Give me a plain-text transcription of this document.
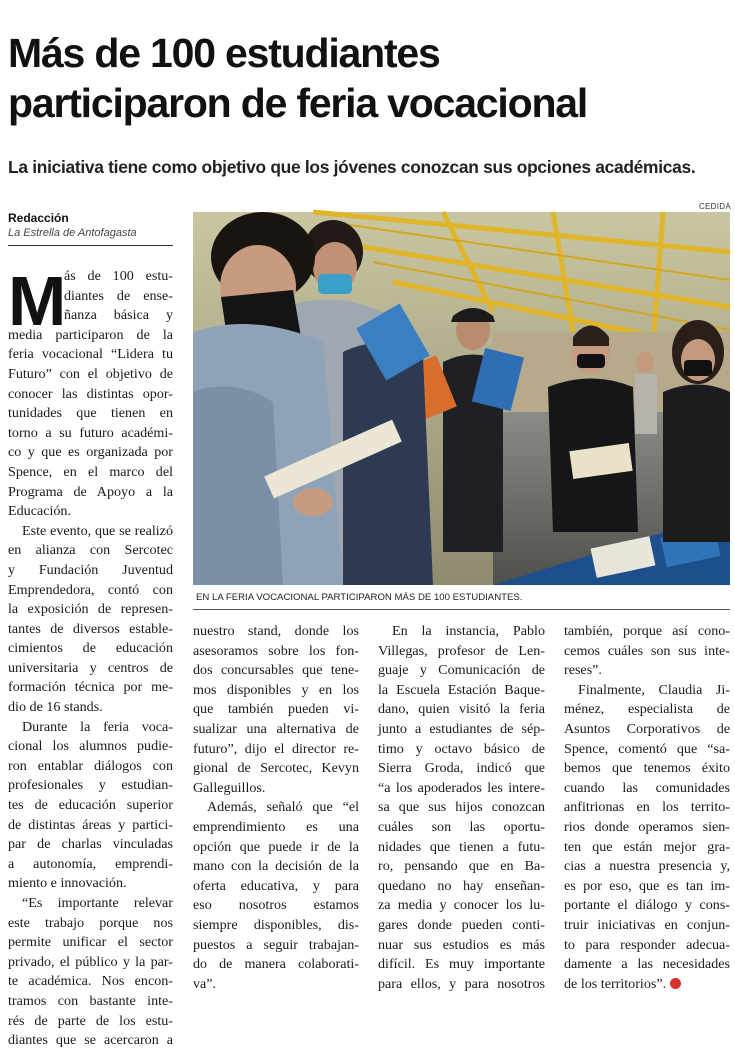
Más de 100 estudiantes
participaron de feria vocacional
La iniciativa tiene como objetivo que los jóvenes conozcan sus opciones académicas.
Redacción
La Estrella de Antofagasta
CEDIDA
EN LA FERIA VOCACIONAL PARTICIPARON MÁS DE 100 ESTUDIANTES.
M
ás de 100 estu-
diantes de ense-
ñanza básica y
media participaron de la
feria vocacional “Lidera tu
Futuro” con el objetivo de
conocer las distintas opor-
tunidades que tienen en
torno a su futuro académi-
co y que es organizada por
Spence, en el marco del
Programa de Apoyo a la
Educación.
Este evento, que se realizó
en alianza con Sercotec
y Fundación Juventud
Emprendedora, contó con
la exposición de represen-
tantes de diversos estable-
cimientos de educación
universitaria y centros de
formación técnica por me-
dio de 16 stands.
Durante la feria voca-
cional los alumnos pudie-
ron entablar diálogos con
profesionales y estudian-
tes de educación superior
de distintas áreas y partici-
par de charlas vinculadas
a autonomía, emprendi-
miento e innovación.
“Es importante relevar
este trabajo porque nos
permite unificar el sector
privado, el público y la par-
te académica. Nos encon-
tramos con bastante inte-
rés de parte de los estu-
diantes que se acercaron a
nuestro stand, donde los
asesoramos sobre los fon-
dos concursables que tene-
mos disponibles y en los
que también pueden vi-
sualizar una alternativa de
futuro”, dijo el director re-
gional de Sercotec, Kevyn
Galleguillos.
Además, señaló que “el
emprendimiento es una
opción que puede ir de la
mano con la decisión de la
oferta educativa, y para
eso nosotros estamos
siempre disponibles, dis-
puestos a seguir trabajan-
do de manera colaborati-
va”.
En la instancia, Pablo
Villegas, profesor de Len-
guaje y Comunicación de
la Escuela Estación Baque-
dano, quien visitó la feria
junto a estudiantes de sép-
timo y octavo básico de
Sierra Groda, indicó que
“a los apoderados les intere-
sa que sus hijos conozcan
cuáles son las oportu-
nidades que tienen a futu-
ro, pensando que en Ba-
quedano no hay enseñan-
za media y conocer los lu-
gares donde pueden conti-
nuar sus estudios es más
difícil. Es muy importante
para ellos, y para nosotros
también, porque así cono-
cemos cuáles son sus inte-
reses”.
Finalmente, Claudia Ji-
ménez, especialista de
Asuntos Corporativos de
Spence, comentó que “sa-
bemos que tenemos éxito
cuando las comunidades
anfitrionas en los territo-
rios donde operamos sien-
ten que están mejor gra-
cias a nuestra presencia y,
es por eso, que es tan im-
portante el diálogo y cons-
truir iniciativas en conjun-
to para responder adecua-
damente a las necesidades
de los territorios”.
